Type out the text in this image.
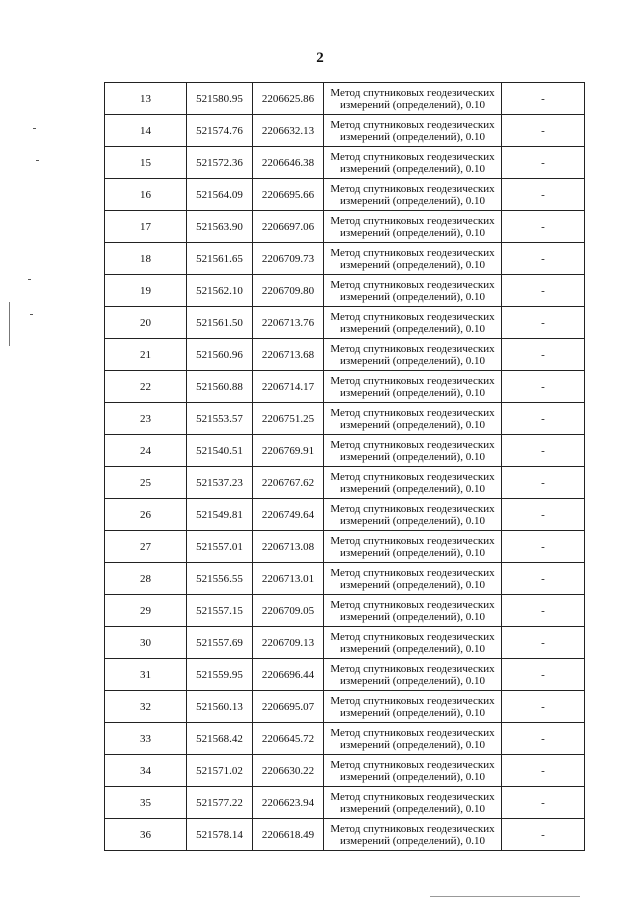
2
13	521580.95	2206625.86	Метод спутниковых геодезических
измерений (определений), 0.10	-
14	521574.76	2206632.13	Метод спутниковых геодезических
измерений (определений), 0.10	-
15	521572.36	2206646.38	Метод спутниковых геодезических
измерений (определений), 0.10	-
16	521564.09	2206695.66	Метод спутниковых геодезических
измерений (определений), 0.10	-
17	521563.90	2206697.06	Метод спутниковых геодезических
измерений (определений), 0.10	-
18	521561.65	2206709.73	Метод спутниковых геодезических
измерений (определений), 0.10	-
19	521562.10	2206709.80	Метод спутниковых геодезических
измерений (определений), 0.10	-
20	521561.50	2206713.76	Метод спутниковых геодезических
измерений (определений), 0.10	-
21	521560.96	2206713.68	Метод спутниковых геодезических
измерений (определений), 0.10	-
22	521560.88	2206714.17	Метод спутниковых геодезических
измерений (определений), 0.10	-
23	521553.57	2206751.25	Метод спутниковых геодезических
измерений (определений), 0.10	-
24	521540.51	2206769.91	Метод спутниковых геодезических
измерений (определений), 0.10	-
25	521537.23	2206767.62	Метод спутниковых геодезических
измерений (определений), 0.10	-
26	521549.81	2206749.64	Метод спутниковых геодезических
измерений (определений), 0.10	-
27	521557.01	2206713.08	Метод спутниковых геодезических
измерений (определений), 0.10	-
28	521556.55	2206713.01	Метод спутниковых геодезических
измерений (определений), 0.10	-
29	521557.15	2206709.05	Метод спутниковых геодезических
измерений (определений), 0.10	-
30	521557.69	2206709.13	Метод спутниковых геодезических
измерений (определений), 0.10	-
31	521559.95	2206696.44	Метод спутниковых геодезических
измерений (определений), 0.10	-
32	521560.13	2206695.07	Метод спутниковых геодезических
измерений (определений), 0.10	-
33	521568.42	2206645.72	Метод спутниковых геодезических
измерений (определений), 0.10	-
34	521571.02	2206630.22	Метод спутниковых геодезических
измерений (определений), 0.10	-
35	521577.22	2206623.94	Метод спутниковых геодезических
измерений (определений), 0.10	-
36	521578.14	2206618.49	Метод спутниковых геодезических
измерений (определений), 0.10	-
